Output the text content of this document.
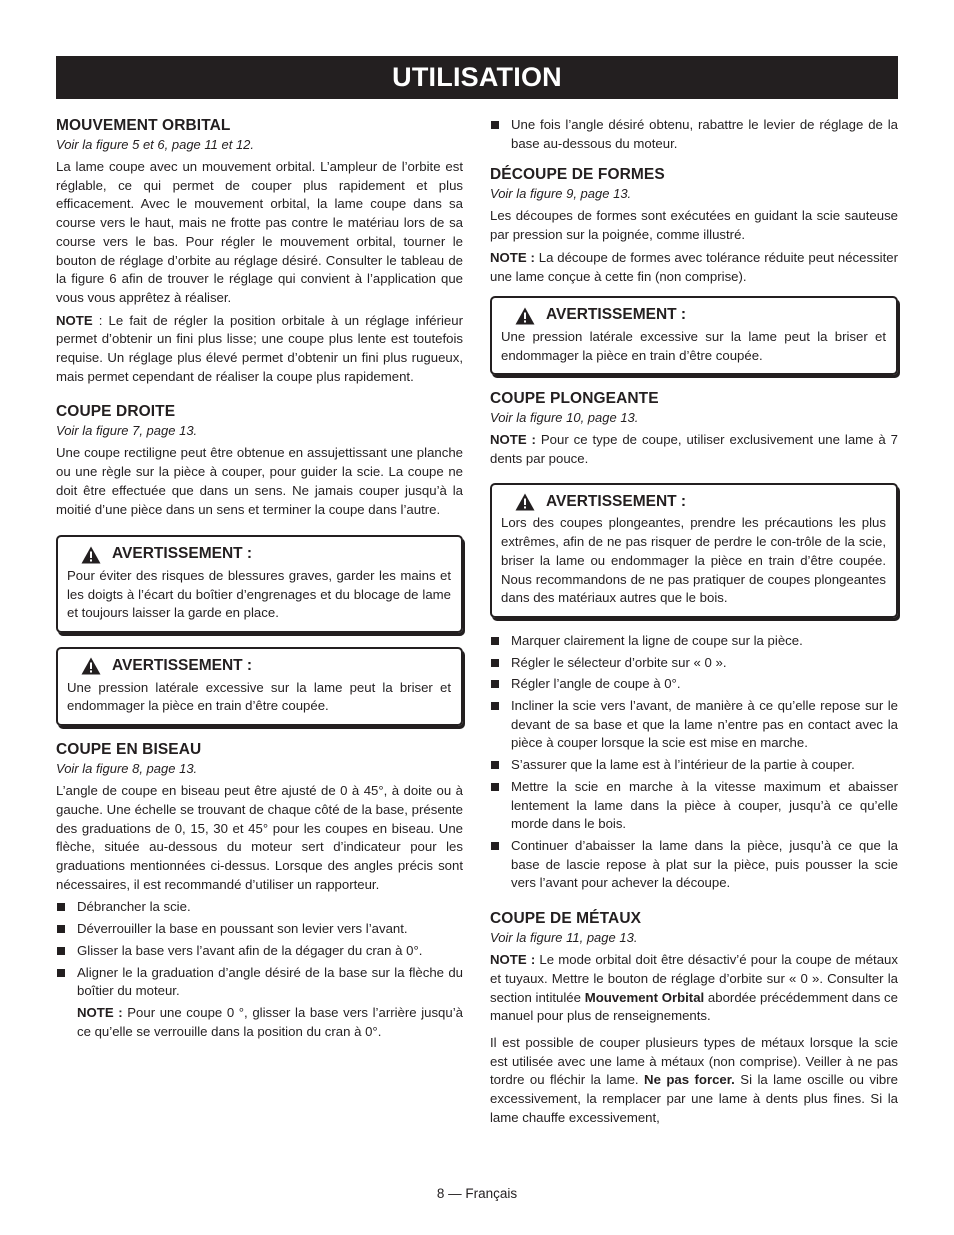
UTILISATION
MOUVEMENT ORBITAL
Voir la figure 5 et 6, page 11 et 12.

La lame coupe avec un mouvement orbital. L’ampleur de l’orbite est réglable, ce qui permet de couper plus rapidement et plus efficacement. Avec le mouvement orbital, la lame coupe dans sa course vers le haut, mais ne frotte pas contre le matériau lors de sa course vers le bas. Pour régler le mouvement orbital, tourner le bouton de réglage d’orbite au réglage désiré. Consulter le tableau de la figure 6 afin de trouver le réglage qui convient à l’application que vous vous apprêtez à réaliser.

NOTE : Le fait de régler la position orbitale à un réglage inférieur permet d’obtenir un fini plus lisse; une coupe plus lente est toutefois requise. Un réglage plus élevé permet d’obtenir un fini plus rugueux, mais permet cependant de réaliser la coupe plus rapidement.

COUPE DROITE
Voir la figure 7, page 13.

Une coupe rectiligne peut être obtenue en assujettissant une planche ou une règle sur la pièce à couper, pour guider la scie. La coupe ne doit être effectuée que dans un sens. Ne jamais couper jusqu’à la moitié d’une pièce dans un sens et terminer la coupe dans l’autre.

AVERTISSEMENT :

Pour éviter des risques de blessures graves, garder les mains et les doigts à l’écart du boîtier d’engrenages et du blocage de lame et toujours laisser la garde en place.

AVERTISSEMENT :

Une pression latérale excessive sur la lame peut la briser et endommager la pièce en train d’être coupée.

COUPE EN BISEAU
Voir la figure 8, page 13.

L’angle de coupe en biseau peut être ajusté de 0 à 45°, à doite ou à gauche. Une échelle se trouvant de chaque côté de la base, présente des graduations de 0, 15, 30 et 45° pour les coupes en biseau. Une flèche, située au-dessous du moteur sert d’indicateur pour les graduations mentionnées ci-dessus. Lorsque des angles précis sont nécessaires, il est recommandé d’utiliser un rapporteur.

Débrancher la scie.
Déverrouiller la base en poussant son levier vers l’avant.
Glisser la base vers l’avant afin de la dégager du cran à 0°.
Aligner le la graduation d’angle désiré de la base sur la flèche du boîtier du moteur.
NOTE : Pour une coupe 0 °, glisser la base vers l’arrière jusqu’à ce qu’elle se verrouille dans la position du cran à 0°.
Une fois l’angle désiré obtenu, rabattre le levier de réglage de la base au-dessous du moteur.
DÉCOUPE DE FORMES
Voir la figure 9, page 13.

Les découpes de formes sont exécutées en guidant la scie sauteuse par pression sur la poignée, comme illustré.

NOTE : La découpe de formes avec tolérance réduite peut nécessiter une lame conçue à cette fin (non comprise).

AVERTISSEMENT :

Une pression latérale excessive sur la lame peut la briser et endommager la pièce en train d’être coupée.

COUPE PLONGEANTE
Voir la figure 10, page 13.

NOTE : Pour ce type de coupe, utiliser exclusivement une lame à 7 dents par pouce.

AVERTISSEMENT :

Lors des coupes plongeantes, prendre les précautions les plus extrêmes, afin de ne pas risquer de perdre le con-trôle de la scie, briser la lame ou endommager la pièce en train d’être coupée. Nous recommandons de ne pas pratiquer de coupes plongeantes dans des matériaux autres que le bois.

Marquer clairement la ligne de coupe sur la pièce.
Régler le sélecteur d’orbite sur « 0 ».
Régler l’angle de coupe à 0°.
Incliner la scie vers l’avant, de manière à ce qu’elle repose sur le devant de sa base et que la lame n’entre pas en contact avec la pièce à couper lorsque la scie est mise en marche.
S’assurer que la lame est à l’intérieur de la partie à couper.
Mettre la scie en marche à la vitesse maximum et abaisser lentement la lame dans la pièce à couper, jusqu’à ce qu’elle morde dans le bois.
Continuer d’abaisser la lame dans la pièce, jusqu’à ce que la base de lascie repose à plat sur la pièce, puis pousser la scie vers l’avant pour achever la découpe.
COUPE DE MÉTAUX
Voir la figure 11, page 13.

NOTE : Le mode orbital doit être désactiv’é pour la coupe de métaux et tuyaux. Mettre le bouton de réglage d’orbite sur « 0 ». Consulter la section intitulée Mouvement Orbital abordée précédemment dans ce manuel pour plus de renseignements.

Il est possible de couper plusieurs types de métaux lorsque la scie est utilisée avec une lame à métaux (non comprise). Veiller à ne pas tordre ou fléchir la lame. Ne pas forcer. Si la lame oscille ou vibre excessivement, la remplacer par une lame à dents plus fines. Si la lame chauffe excessivement,

8 — Français
